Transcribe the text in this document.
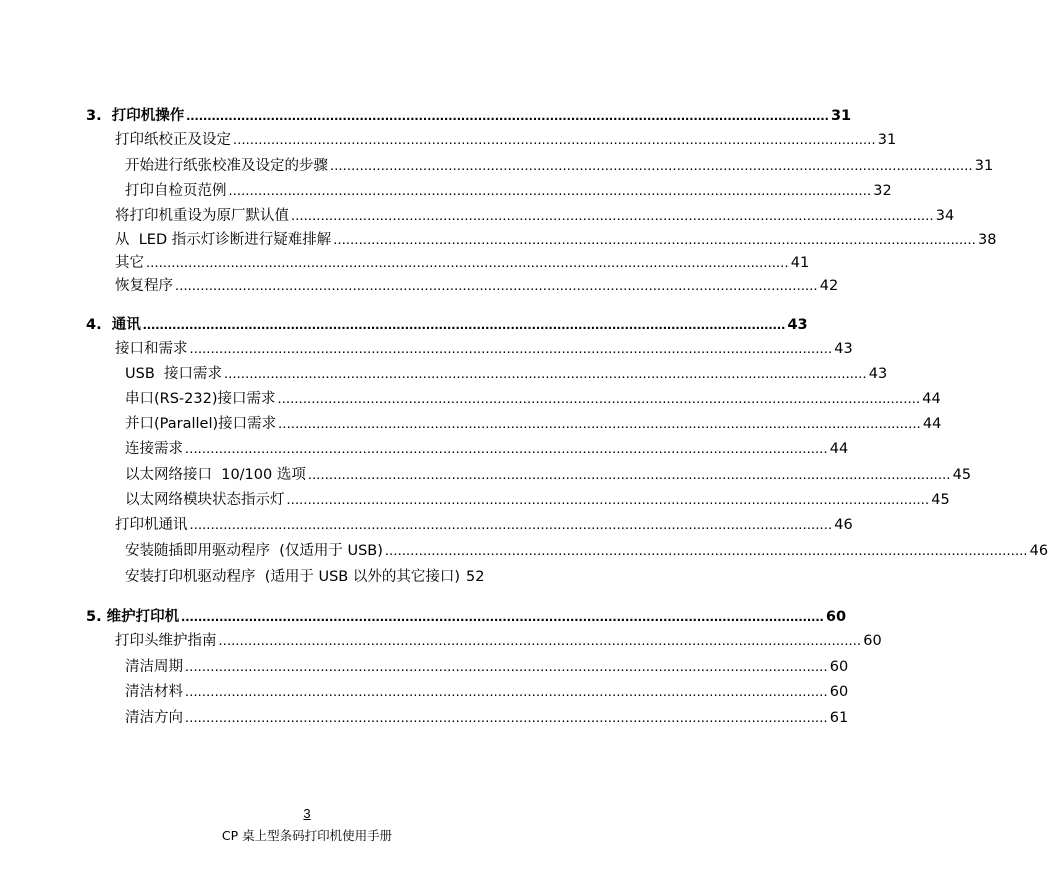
3.  打印机操作 ........................................................................................................................................................ 31
打印纸校正及设定 ........................................................................................................................................................ 31
开始进行纸张校准及设定的步骤 ........................................................................................................................................................ 31
打印自检页范例 ........................................................................................................................................................ 32
将打印机重设为原厂默认值 ........................................................................................................................................................ 34
从  LED 指示灯诊断进行疑难排解 ........................................................................................................................................................ 38
其它 ........................................................................................................................................................ 41
恢复程序 ........................................................................................................................................................ 42
4.  通讯 ........................................................................................................................................................ 43
接口和需求 ........................................................................................................................................................ 43
USB  接口需求 ........................................................................................................................................................ 43
串口(RS-232)接口需求 ........................................................................................................................................................ 44
并口(Parallel)接口需求 ........................................................................................................................................................ 44
连接需求 ........................................................................................................................................................ 44
以太网络接口  10/100 选项 ........................................................................................................................................................ 45
以太网络模块状态指示灯 ........................................................................................................................................................ 45
打印机通讯 ........................................................................................................................................................ 46
安装随插即用驱动程序  (仅适用于 USB) ........................................................................................................................................................ 46
安装打印机驱动程序  (适用于 USB 以外的其它接口) 52
5. 维护打印机 ........................................................................................................................................................ 60
打印头维护指南 ........................................................................................................................................................ 60
清洁周期 ........................................................................................................................................................ 60
清洁材料 ........................................................................................................................................................ 60
清洁方向 ........................................................................................................................................................ 61
3
CP 桌上型条码打印机使用手册
